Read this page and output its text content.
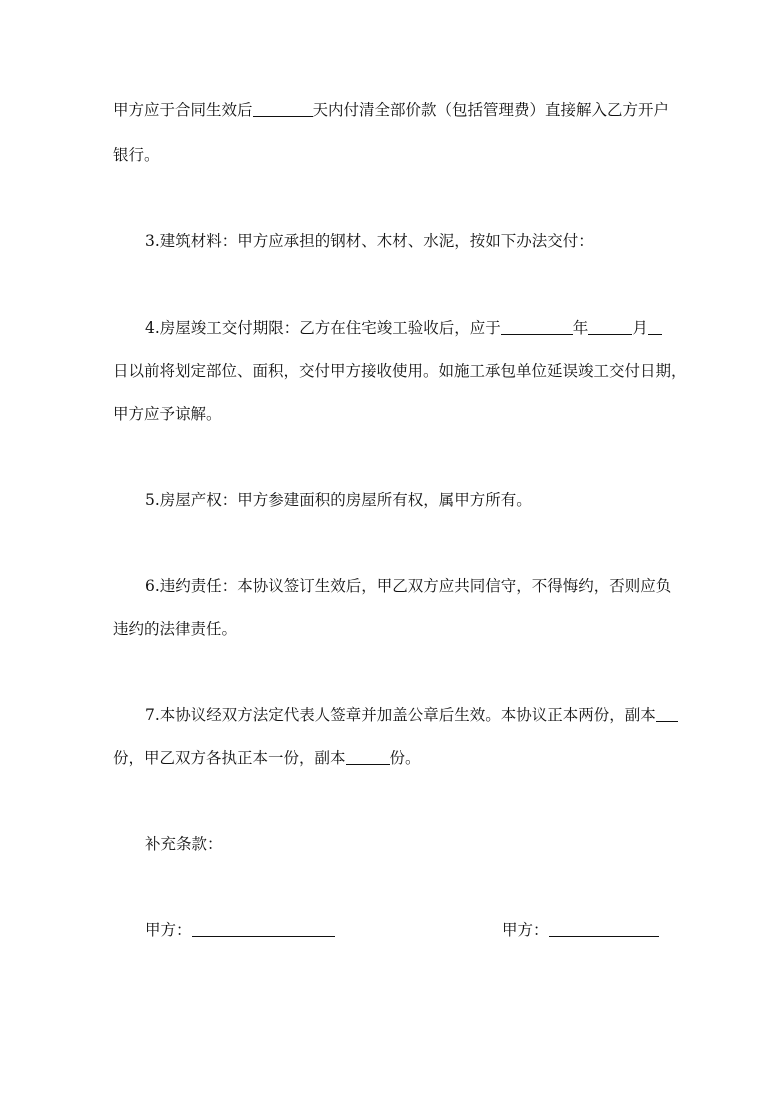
甲方应于合同生效后	天内付清全部价款（包括管理费）直接解入乙方开户
银行。
3.建筑材料：甲方应承担的钢材、木材、水泥，按如下办法交付：
4.房屋竣工交付期限：乙方在住宅竣工验收后，应于	年	月
日以前将划定部位、面积，交付甲方接收使用。如施工承包单位延误竣工交付日期，
甲方应予谅解。
5.房屋产权：甲方参建面积的房屋所有权，属甲方所有。
6.违约责任：本协议签订生效后，甲乙双方应共同信守，不得悔约，否则应负
违约的法律责任。
7.本协议经双方法定代表人签章并加盖公章后生效。本协议正本两份，副本
份，甲乙双方各执正本一份，副本	份。
补充条款：
甲方：	甲方：
